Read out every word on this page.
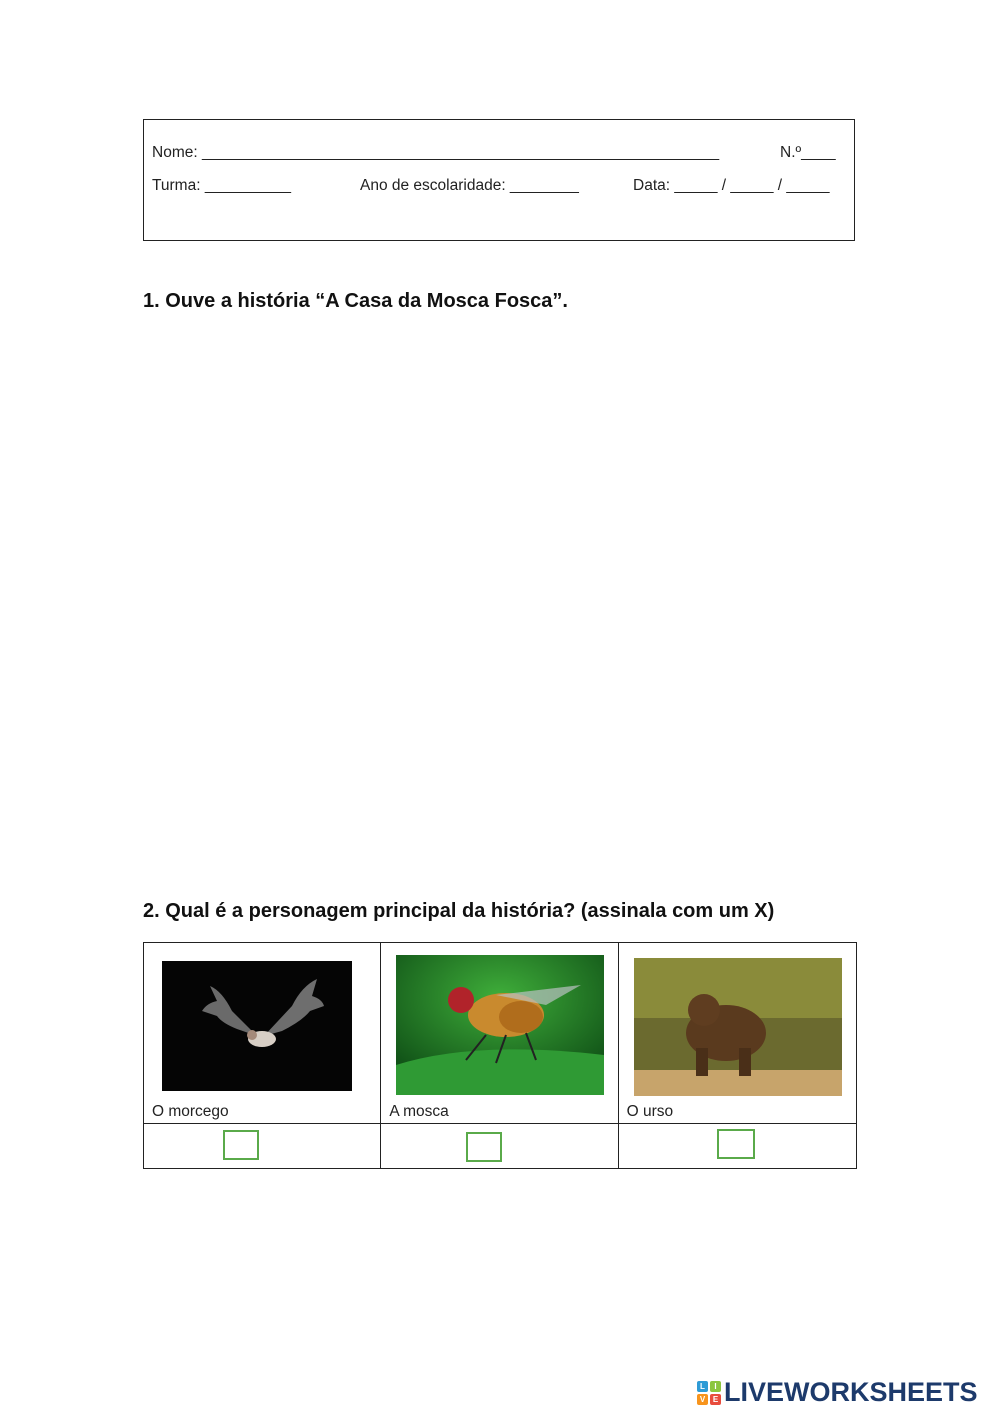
Nome: ____________________________________________________________	N.º____
Turma: __________	Ano de escolaridade: ________	Data: _____ / _____ / _____
1. Ouve a história “A Casa da Mosca Fosca”.
2. Qual é a personagem principal da história? (assinala com um X)
O morcego	A mosca	O urso

L	I
V E LIVEWORKSHEETS
